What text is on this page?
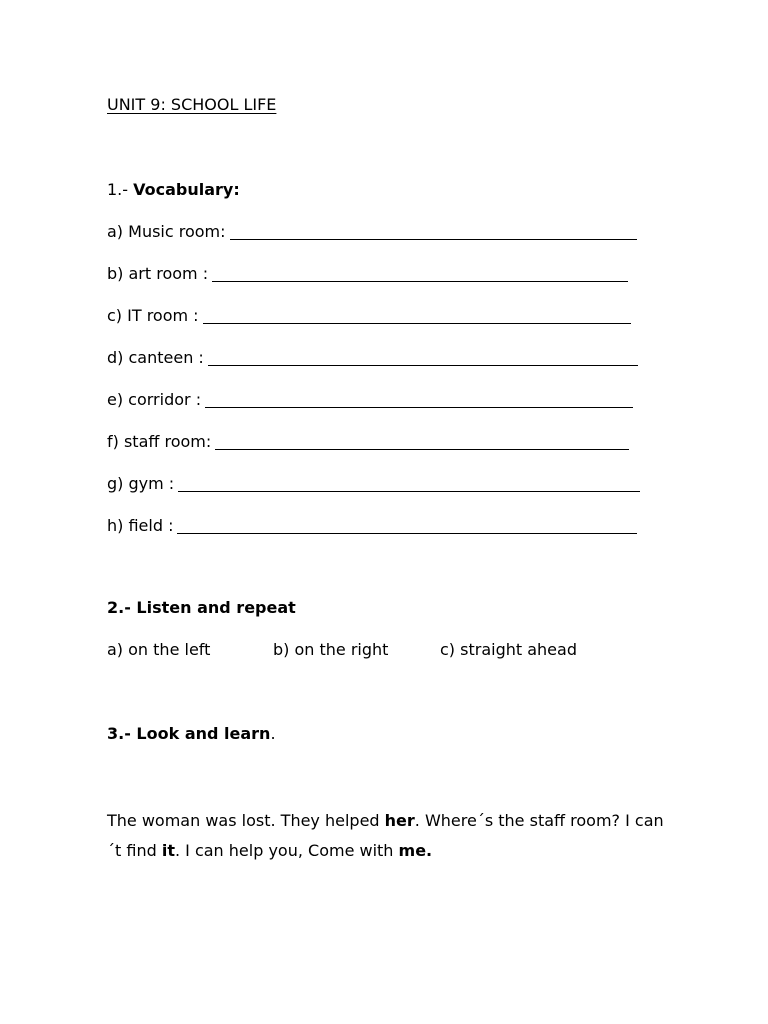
UNIT 9: SCHOOL LIFE
1.- Vocabulary:
a) Music room:
b) art room :
c) IT room :
d) canteen :
e) corridor :
f) staff room:
g) gym :
h) field :
2.- Listen and repeat
a) on the left	b) on the right	c) straight ahead
3.- Look and learn.
The woman was lost. They helped her. Where´s the staff room? I can´t find it. I can help you, Come with me.
